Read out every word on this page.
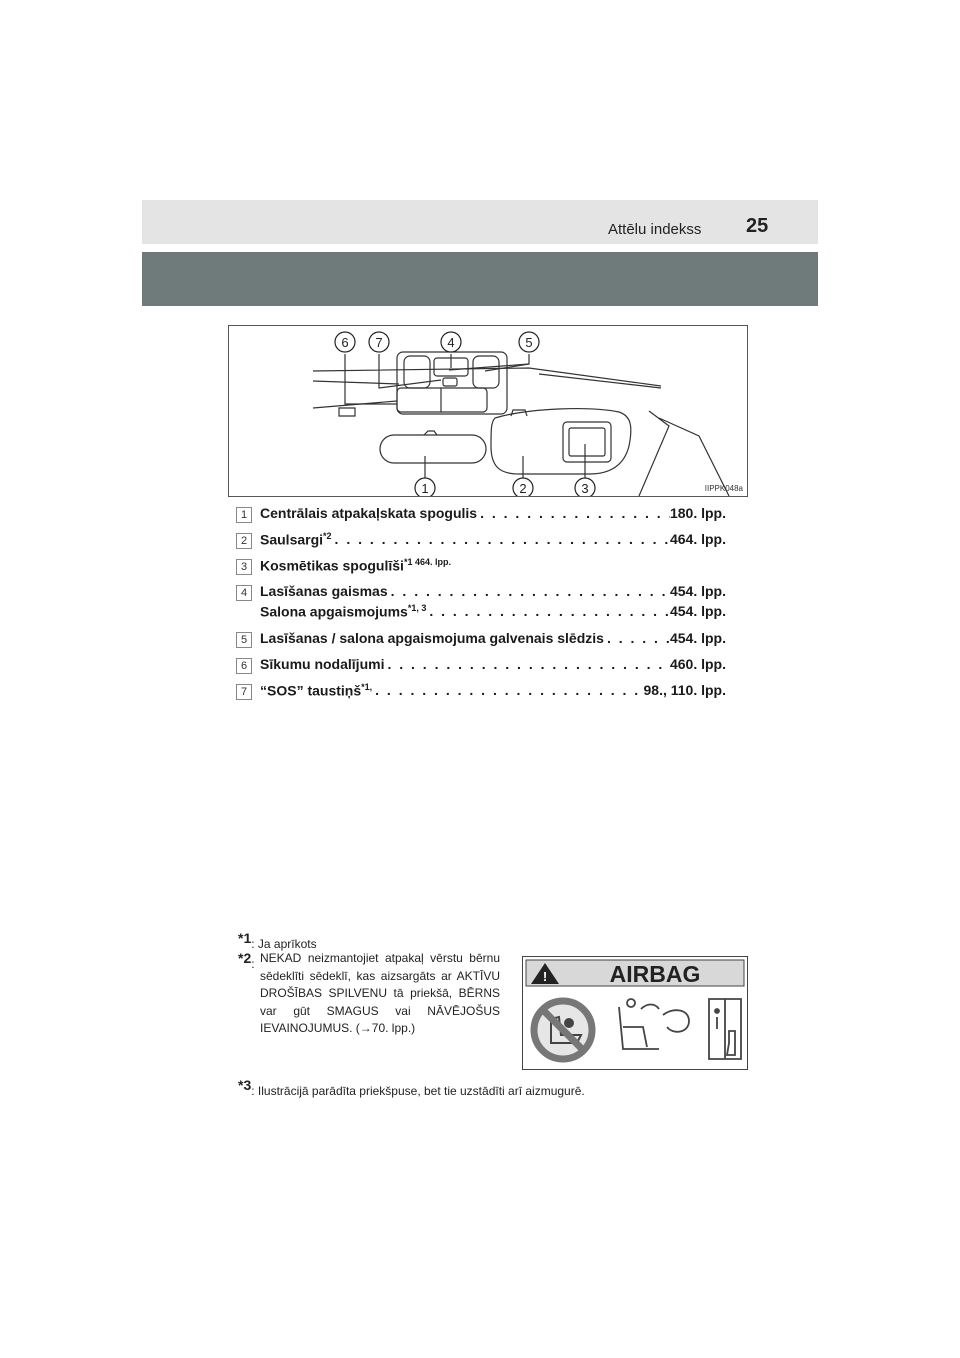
Attēlu indekss 25
6 7	4	5
1	2	3	IIPPK048a
1 Centrālais atpakaļskata spogulis . . .	180. lpp.
2 Saulsargi$^{*2}$ . . .	464. lpp.
3 Kosmētikas spogulīši$^{*1 464. lpp.}$
4 Lasīšanas gaismas . . .	454. lpp.
Salona apgaismojums$^{*1, 3}$ . . .	454. lpp.
5 Lasīšanas / salona apgaismojuma galvenais slēdzis . . .	454. lpp.
6 Sīkumu nodalījumi . . .	460. lpp.
7 “SOS” taustiņš$^{*1,}$ . . .	98., 110. lpp.
$^{*1}$: Ja aprīkots
$^{*2}$: NEKAD neizmantojiet atpakaļ vērstu bērnu sēdeklīti sēdeklī, kas aizsargāts ar AKTĪVU DROŠĪBAS SPILVENU tā priekšā, BĒRNS var gūt SMAGUS vai NĀVĒJOŠUS IEVAINOJUMUS. (→70. lpp.)
!	AIRBAG
$^{*3}$: Ilustrācijā parādīta priekšpuse, bet tie uzstādīti arī aizmugurē.
